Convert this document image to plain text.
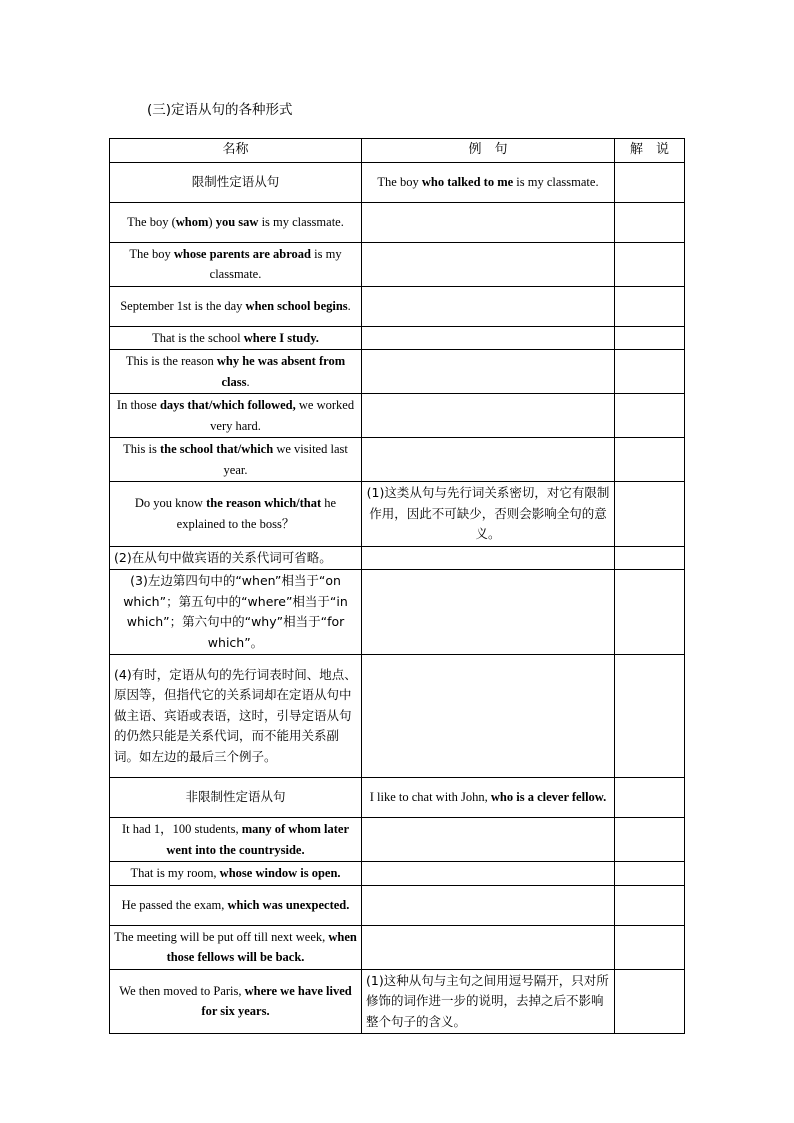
(三)定语从句的各种形式
名称	例　句	解　说
限制性定语从句	The boy who talked to me is my classmate.	
The boy (whom) you saw is my classmate.		
The boy whose parents are abroad is my classmate.		
September 1st is the day when school begins.		
That is the school where I study.		
This is the reason why he was absent from class.		
In those days that/which followed, we worked very hard.		
This is the school that/which we visited last year.		
Do you know the reason which/that he explained to the boss？	(1)这类从句与先行词关系密切，对它有限制作用，因此不可缺少，否则会影响全句的意义。	
(2)在从句中做宾语的关系代词可省略。		
(3)左边第四句中的“when”相当于“on which”；第五句中的“where”相当于“in which”；第六句中的“why”相当于“for which”。		
(4)有时，定语从句的先行词表时间、地点、原因等，但指代它的关系词却在定语从句中做主语、宾语或表语，这时，引导定语从句的仍然只能是关系代词，而不能用关系副词。如左边的最后三个例子。		
非限制性定语从句	I like to chat with John, who is a clever fellow.	
It had 1，100 students, many of whom later went into the countryside.		
That is my room, whose window is open.		
He passed the exam, which was unexpected.		
The meeting will be put off till next week, when those fellows will be back.		
We then moved to Paris, where we have lived for six years.	(1)这种从句与主句之间用逗号隔开，只对所修饰的词作进一步的说明，去掉之后不影响整个句子的含义。	
